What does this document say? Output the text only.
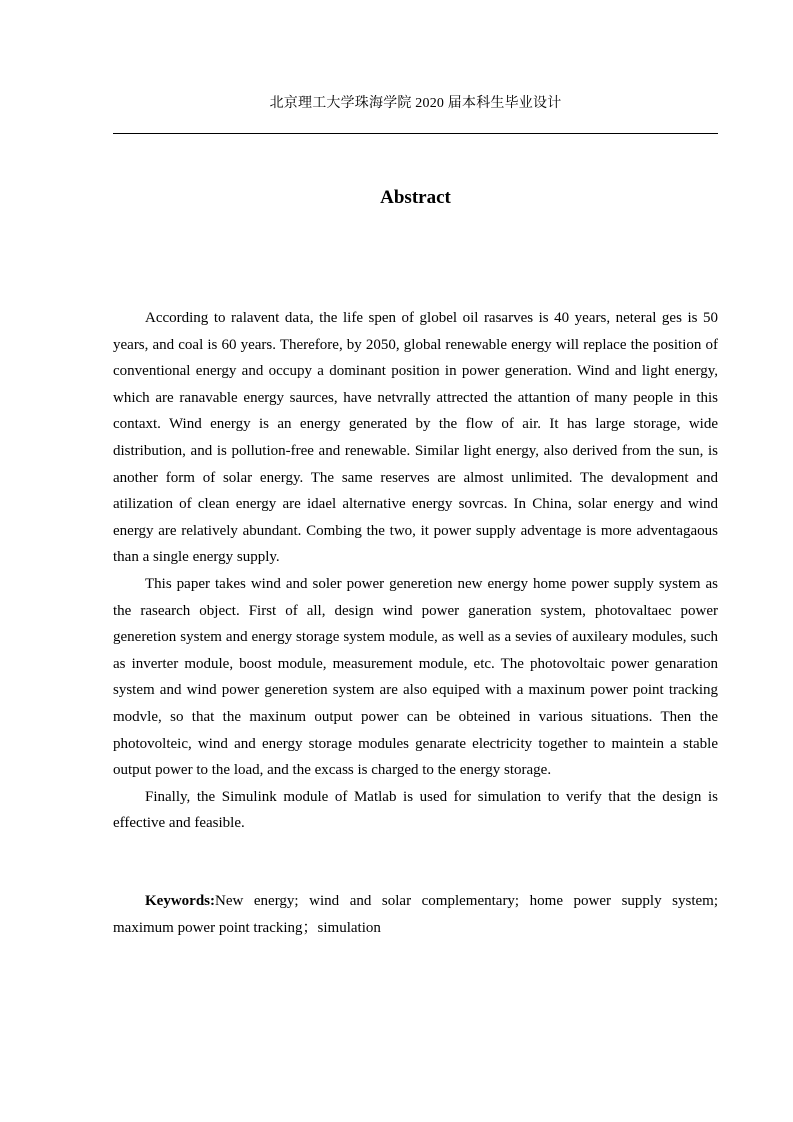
北京理工大学珠海学院 2020 届本科生毕业设计
Abstract

According to ralavent data, the life spen of globel oil rasarves is 40 years, neteral ges is 50 years, and coal is 60 years. Therefore, by 2050, global renewable energy will replace the position of conventional energy and occupy a dominant position in power generation. Wind and light energy, which are ranavable energy saurces, have netvrally attrected the attantion of many people in this contaxt. Wind energy is an energy generated by the flow of air. It has large storage, wide distribution, and is pollution-free and renewable. Similar light energy, also derived from the sun, is another form of solar energy. The same reserves are almost unlimited. The devalopment and atilization of clean energy are idael alternative energy sovrcas. In China, solar energy and wind energy are relatively abundant. Combing the two, it power supply adventage is more adventagaous than a single energy supply.

This paper takes wind and soler power generetion new energy home power supply system as the rasearch object. First of all, design wind power ganeration system, photovaltaec power generetion system and energy storage system module, as well as a sevies of auxileary modules, such as inverter module, boost module, measurement module, etc. The photovoltaic power genaration system and wind power generetion system are also equiped with a maxinum power point tracking modvle, so that the maxinum output power can be obteined in various situations. Then the photovolteic, wind and energy storage modules genarate electricity together to maintein a stable output power to the load, and the excass is charged to the energy storage.

Finally, the Simulink module of Matlab is used for simulation to verify that the design is effective and feasible.

Keywords:New energy; wind and solar complementary; home power supply system; maximum power point tracking；simulation
